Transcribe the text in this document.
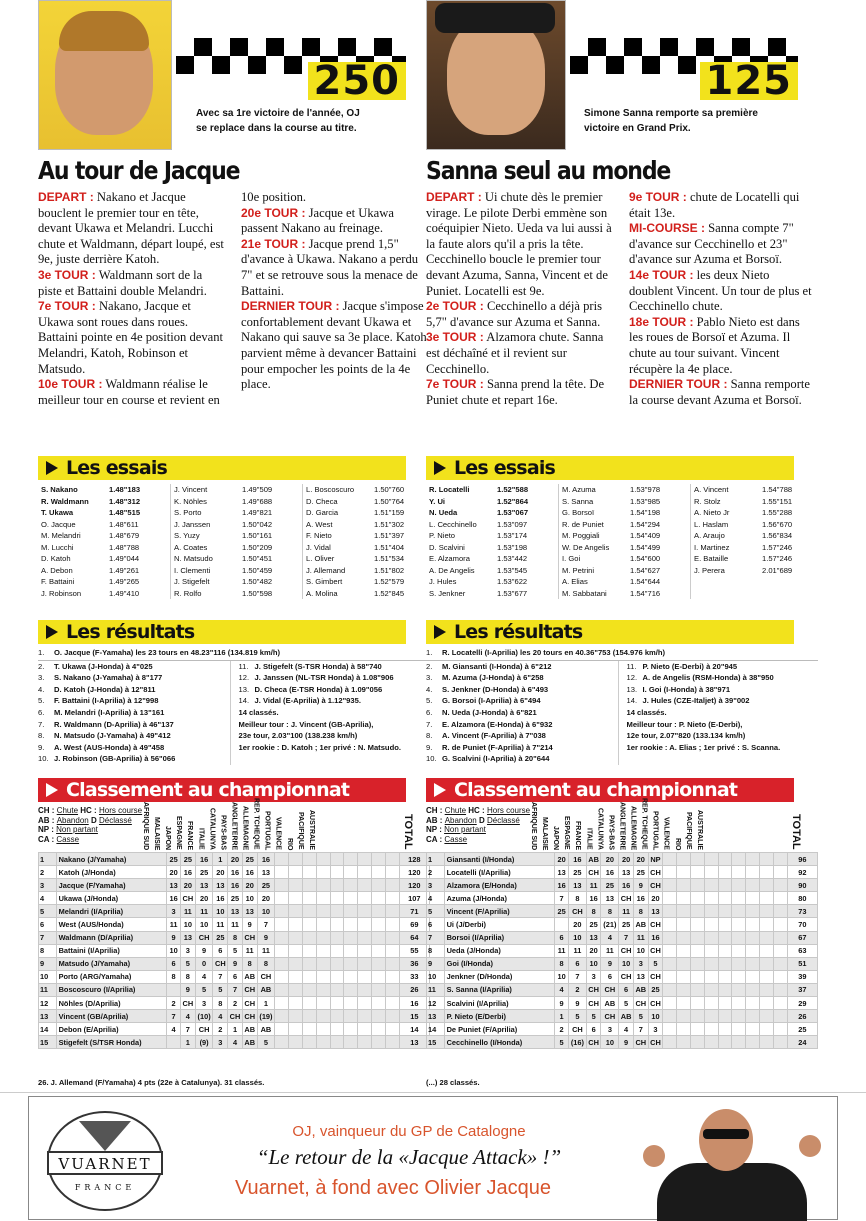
250
Avec sa 1re victoire de l'année, OJ
se replace dans la course au titre.
Au tour de Jacque

DEPART : Nakano et Jacque bouclent le premier tour en tête, devant Ukawa et Melandri. Lucchi chute et Waldmann, départ loupé, est 9e, juste derrière Katoh.

3e TOUR : Waldmann sort de la piste et Battaini double Melandri.

7e TOUR : Nakano, Jacque et Ukawa sont roues dans roues. Battaini pointe en 4e position devant Melandri, Katoh, Robinson et Matsudo.

10e TOUR : Waldmann réalise le meilleur tour en course et revient en 10e position.

20e TOUR : Jacque et Ukawa passent Nakano au freinage.

21e TOUR : Jacque prend 1,5" d'avance à Ukawa. Nakano a perdu 7" et se retrouve sous la menace de Battaini.

DERNIER TOUR : Jacque s'impose confortablement devant Ukawa et Nakano qui sauve sa 3e place. Katoh parvient même à devancer Battaini pour empocher les points de la 4e place.

Les essais
S. Nakano	1.48"183
R. Waldmann	1.48"312
T. Ukawa	1.48"515
O. Jacque	1.48"611
M. Melandri	1.48"679
M. Lucchi	1.48"788
D. Katoh	1.49"044
A. Debon	1.49"261
F. Battaini	1.49"265
J. Robinson	1.49"410
J. Vincent	1.49"509
K. Nöhles	1.49"688
S. Porto	1.49"821
J. Janssen	1.50"042
S. Yuzy	1.50"161
A. Coates	1.50"209
N. Matsudo	1.50"451
I. Clementi	1.50"459
J. Stigefelt	1.50"482
R. Rolfo	1.50"598
L. Boscoscuro	1.50"760
D. Checa	1.50"764
D. Garcia	1.51"159
A. West	1.51"302
F. Nieto	1.51"397
J. Vidal	1.51"404
L. Oliver	1.51"534
J. Allemand	1.51"802
S. Gimbert	1.52"579
A. Molina	1.52"845
Les résultats
1. O. Jacque (F-Yamaha) les 23 tours en 48.23"116 (134.819 km/h)
2. T. Ukawa (J-Honda) à 4"025
3. S. Nakano (J-Yamaha) à 8"177
4. D. Katoh (J-Honda) à 12"811
5. F. Battaini (I-Aprilia) à 12"998
6. M. Melandri (I-Aprilia) à 13"161
7. R. Waldmann (D-Aprilia) à 46"137
8. N. Matsudo (J-Yamaha) à 49"412
9. A. West (AUS-Honda) à 49"458
10. J. Robinson (GB-Aprilia) à 56"066
11. J. Stigefelt (S-TSR Honda) à 58"740
12. J. Janssen (NL-TSR Honda) à 1.08"906
13. D. Checa (E-TSR Honda) à 1.09"056
14. J. Vidal (E-Aprilia) à 1.12"935.
14 classés.
Meilleur tour : J. Vincent (GB-Aprilia),
23e tour, 2.03"100 (138.238 km/h)
1er rookie : D. Katoh ; 1er privé : N. Matsudo.
Classement au championnat
CH : Chute HC : Hors course
AB : Abandon D Déclassé
NP : Non partant
CA : Casse	AFRIQUE SUD MALAISIE JAPON ESPAGNE FRANCE ITALIE CATALUNYA PAYS-BAS ANGLETERRE ALLEMAGNE REP. TCHEQUE PORTUGAL VALENCE RIO PACIFIQUE AUSTRALIE	TOTAL
1	Nakano (J/Yamaha)	25	25	16	1	20	25	16										128
2	Katoh (J/Honda)	20	16	25	20	16	16	13										120
3	Jacque (F/Yamaha)	13	20	13	13	16	20	25										120
4	Ukawa (J/Honda)	16	CH	20	16	25	10	20										107
5	Melandri (I/Aprilia)	3	11	11	10	13	13	10										71
6	West (AUS/Honda)	11	10	10	11	11	9	7										69
7	Waldmann (D/Aprilia)	9	13	CH	25	8	CH	9										64
8	Battaini (I/Aprilia)	10	3	9	6	5	11	11										55
9	Matsudo (J/Yamaha)	6	5	0	CH	9	8	8										36
10	Porto (ARG/Yamaha)	8	8	4	7	6	AB	CH										33
11	Boscoscuro (I/Aprilia)		9	5	5	7	CH	AB										26
12	Nöhles (D/Aprilia)	2	CH	3	8	2	CH	1										16
13	Vincent (GB/Aprilia)	7	4	(10)	4	CH	CH	(19)										15
14	Debon (E/Aprilia)	4	7	CH	2	1	AB	AB										14
15	Stigefelt (S/TSR Honda)		1	(9)	3	4	AB	5										13
26. J. Allemand (F/Yamaha) 4 pts (22e à Catalunya). 31 classés.
125
Simone Sanna remporte sa première
victoire en Grand Prix.
Sanna seul au monde

DEPART : Ui chute dès le premier virage. Le pilote Derbi emmène son coéquipier Nieto. Ueda va lui aussi à la faute alors qu'il a pris la tête. Cecchinello boucle le premier tour devant Azuma, Sanna, Vincent et de Puniet. Locatelli est 9e.

2e TOUR : Cecchinello a déjà pris 5,7" d'avance sur Azuma et Sanna.

3e TOUR : Alzamora chute. Sanna est déchaîné et il revient sur Cecchinello.

7e TOUR : Sanna prend la tête. De Puniet chute et repart 16e.

9e TOUR : chute de Locatelli qui était 13e.

MI-COURSE : Sanna compte 7" d'avance sur Cecchinello et 23" d'avance sur Azuma et Borsoï.

14e TOUR : les deux Nieto doublent Vincent. Un tour de plus et Cecchinello chute.

18e TOUR : Pablo Nieto est dans les roues de Borsoï et Azuma. Il chute au tour suivant. Vincent récupère la 4e place.

DERNIER TOUR : Sanna remporte la course devant Azuma et Borsoï.

Les essais
R. Locatelli	1.52"588
Y. Ui	1.52"864
N. Ueda	1.53"067
L. Cecchinello	1.53"097
P. Nieto	1.53"174
D. Scalvini	1.53"198
E. Alzamora	1.53"442
A. De Angelis	1.53"545
J. Hules	1.53"622
S. Jenkner	1.53"677
M. Azuma	1.53"978
S. Sanna	1.53"985
G. Borsoï	1.54"198
R. de Puniet	1.54"294
M. Poggiali	1.54"409
W. De Angelis	1.54"499
I. Goi	1.54"600
M. Petrini	1.54"627
A. Elias	1.54"644
M. Sabbatani	1.54"716
A. Vincent	1.54"788
R. Stolz	1.55"151
A. Nieto Jr	1.55"288
L. Haslam	1.56"670
A. Araujo	1.56"834
I. Martinez	1.57"246
E. Bataille	1.57"246
J. Perera	2.01"689
Les résultats
1. R. Locatelli (I-Aprilia) les 20 tours en 40.36"753 (154.976 km/h)
2. M. Giansanti (I-Honda) à 6"212
3. M. Azuma (J-Honda) à 6"258
4. S. Jenkner (D-Honda) à 6"493
5. G. Borsoi (I-Aprilia) à 6"494
6. N. Ueda (J-Honda) à 6"821
7. E. Alzamora (E-Honda) à 6"932
8. A. Vincent (F-Aprilia) à 7"038
9. R. de Puniet (F-Aprilia) à 7"214
10. G. Scalvini (I-Aprilia) à 20"644
11. P. Nieto (E-Derbi) à 20"945
12. A. de Angelis (RSM-Honda) à 38"950
13. I. Goi (I-Honda) à 38"971
14. J. Hules (CZE-Italjet) à 39"002
14 classés.
Meilleur tour : P. Nieto (E-Derbi),
12e tour, 2.07"820 (133.134 km/h)
1er rookie : A. Elias ; 1er privé : S. Scanna.
Classement au championnat
CH : Chute HC : Hors course
AB : Abandon D Déclassé
NP : Non partant
CA : Casse	AFRIQUE SUD MALAISIE JAPON ESPAGNE FRANCE ITALIE CATALUNYA PAYS-BAS ANGLETERRE ALLEMAGNE REP. TCHEQUE PORTUGAL VALENCE RIO PACIFIQUE AUSTRALIE	TOTAL
1	Giansanti (I/Honda)	20	16	AB	20	20	20	NP										96
2	Locatelli (I/Aprilia)	13	25	CH	16	13	25	CH										92
3	Alzamora (E/Honda)	16	13	11	25	16	9	CH										90
4	Azuma (J/Honda)	7	8	16	13	CH	16	20										80
5	Vincent (F/Aprilia)	25	CH	8	8	11	8	13										73
6	Ui (J/Derbi)		20	25	(21)	25	AB	CH										70
7	Borsoi (I/Aprilia)	6	10	13	4	7	11	16										67
8	Ueda (J/Honda)	11	11	20	11	CH	10	CH										63
9	Goi (I/Honda)	8	6	10	9	10	3	5										51
10	Jenkner (D/Honda)	10	7	3	6	CH	13	CH										39
11	S. Sanna (I/Aprilia)	4	2	CH	CH	6	AB	25										37
12	Scalvini (I/Aprilia)	9	9	CH	AB	5	CH	CH										29
13	P. Nieto (E/Derbi)	1	5	5	CH	AB	5	10										26
14	De Puniet (F/Aprilia)	2	CH	6	3	4	7	3										25
15	Cecchinello (I/Honda)	5	(16)	CH	10	9	CH	CH										24
(...) 28 classés.
VUARNET
FRANCE
OJ, vainqueur du GP de Catalogne
“Le retour de la «Jacque Attack» !”
Vuarnet, à fond avec Olivier Jacque
